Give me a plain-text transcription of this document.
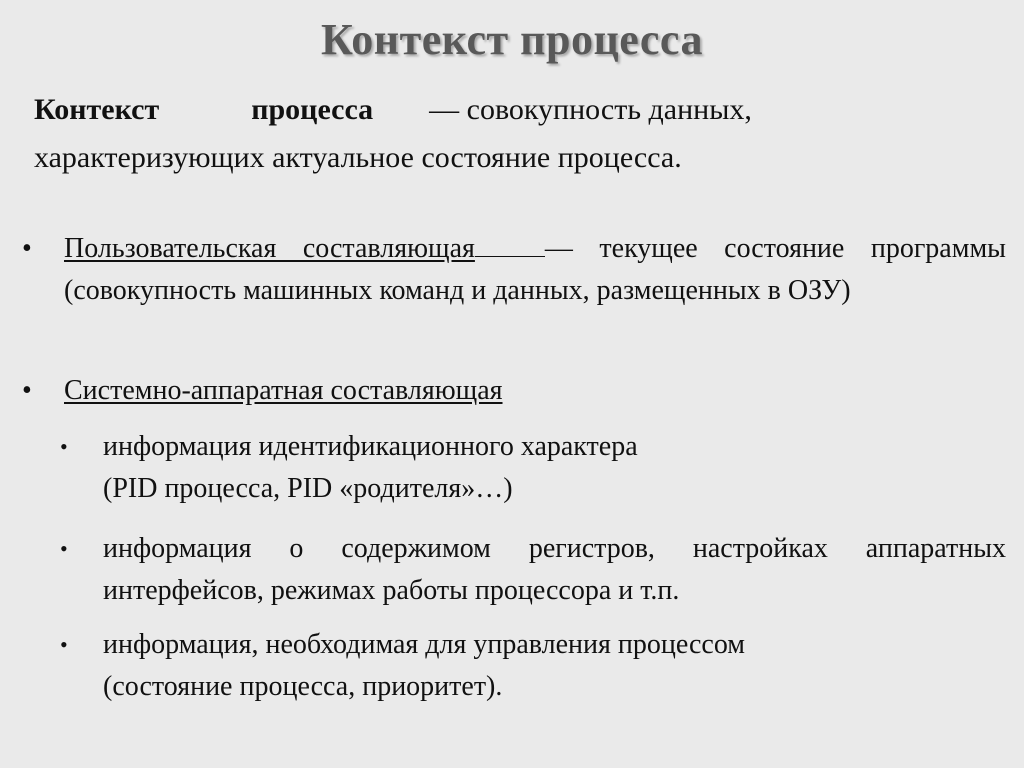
Контекст процесса
Контекст	процесса — совокупность данных,
характеризующих актуальное состояние процесса.
•	Пользовательская составляющая	— текущее состояние программы (совокупность машинных команд и данных, размещенных в ОЗУ)
•	Системно-аппаратная составляющая
• информация идентификационного характера
(PID процесса, PID «родителя»…)
• информация о содержимом регистров, настройках аппаратных интерфейсов, режимах работы процессора и т.п.
• информация, необходимая для управления процессом
(состояние процесса, приоритет).
